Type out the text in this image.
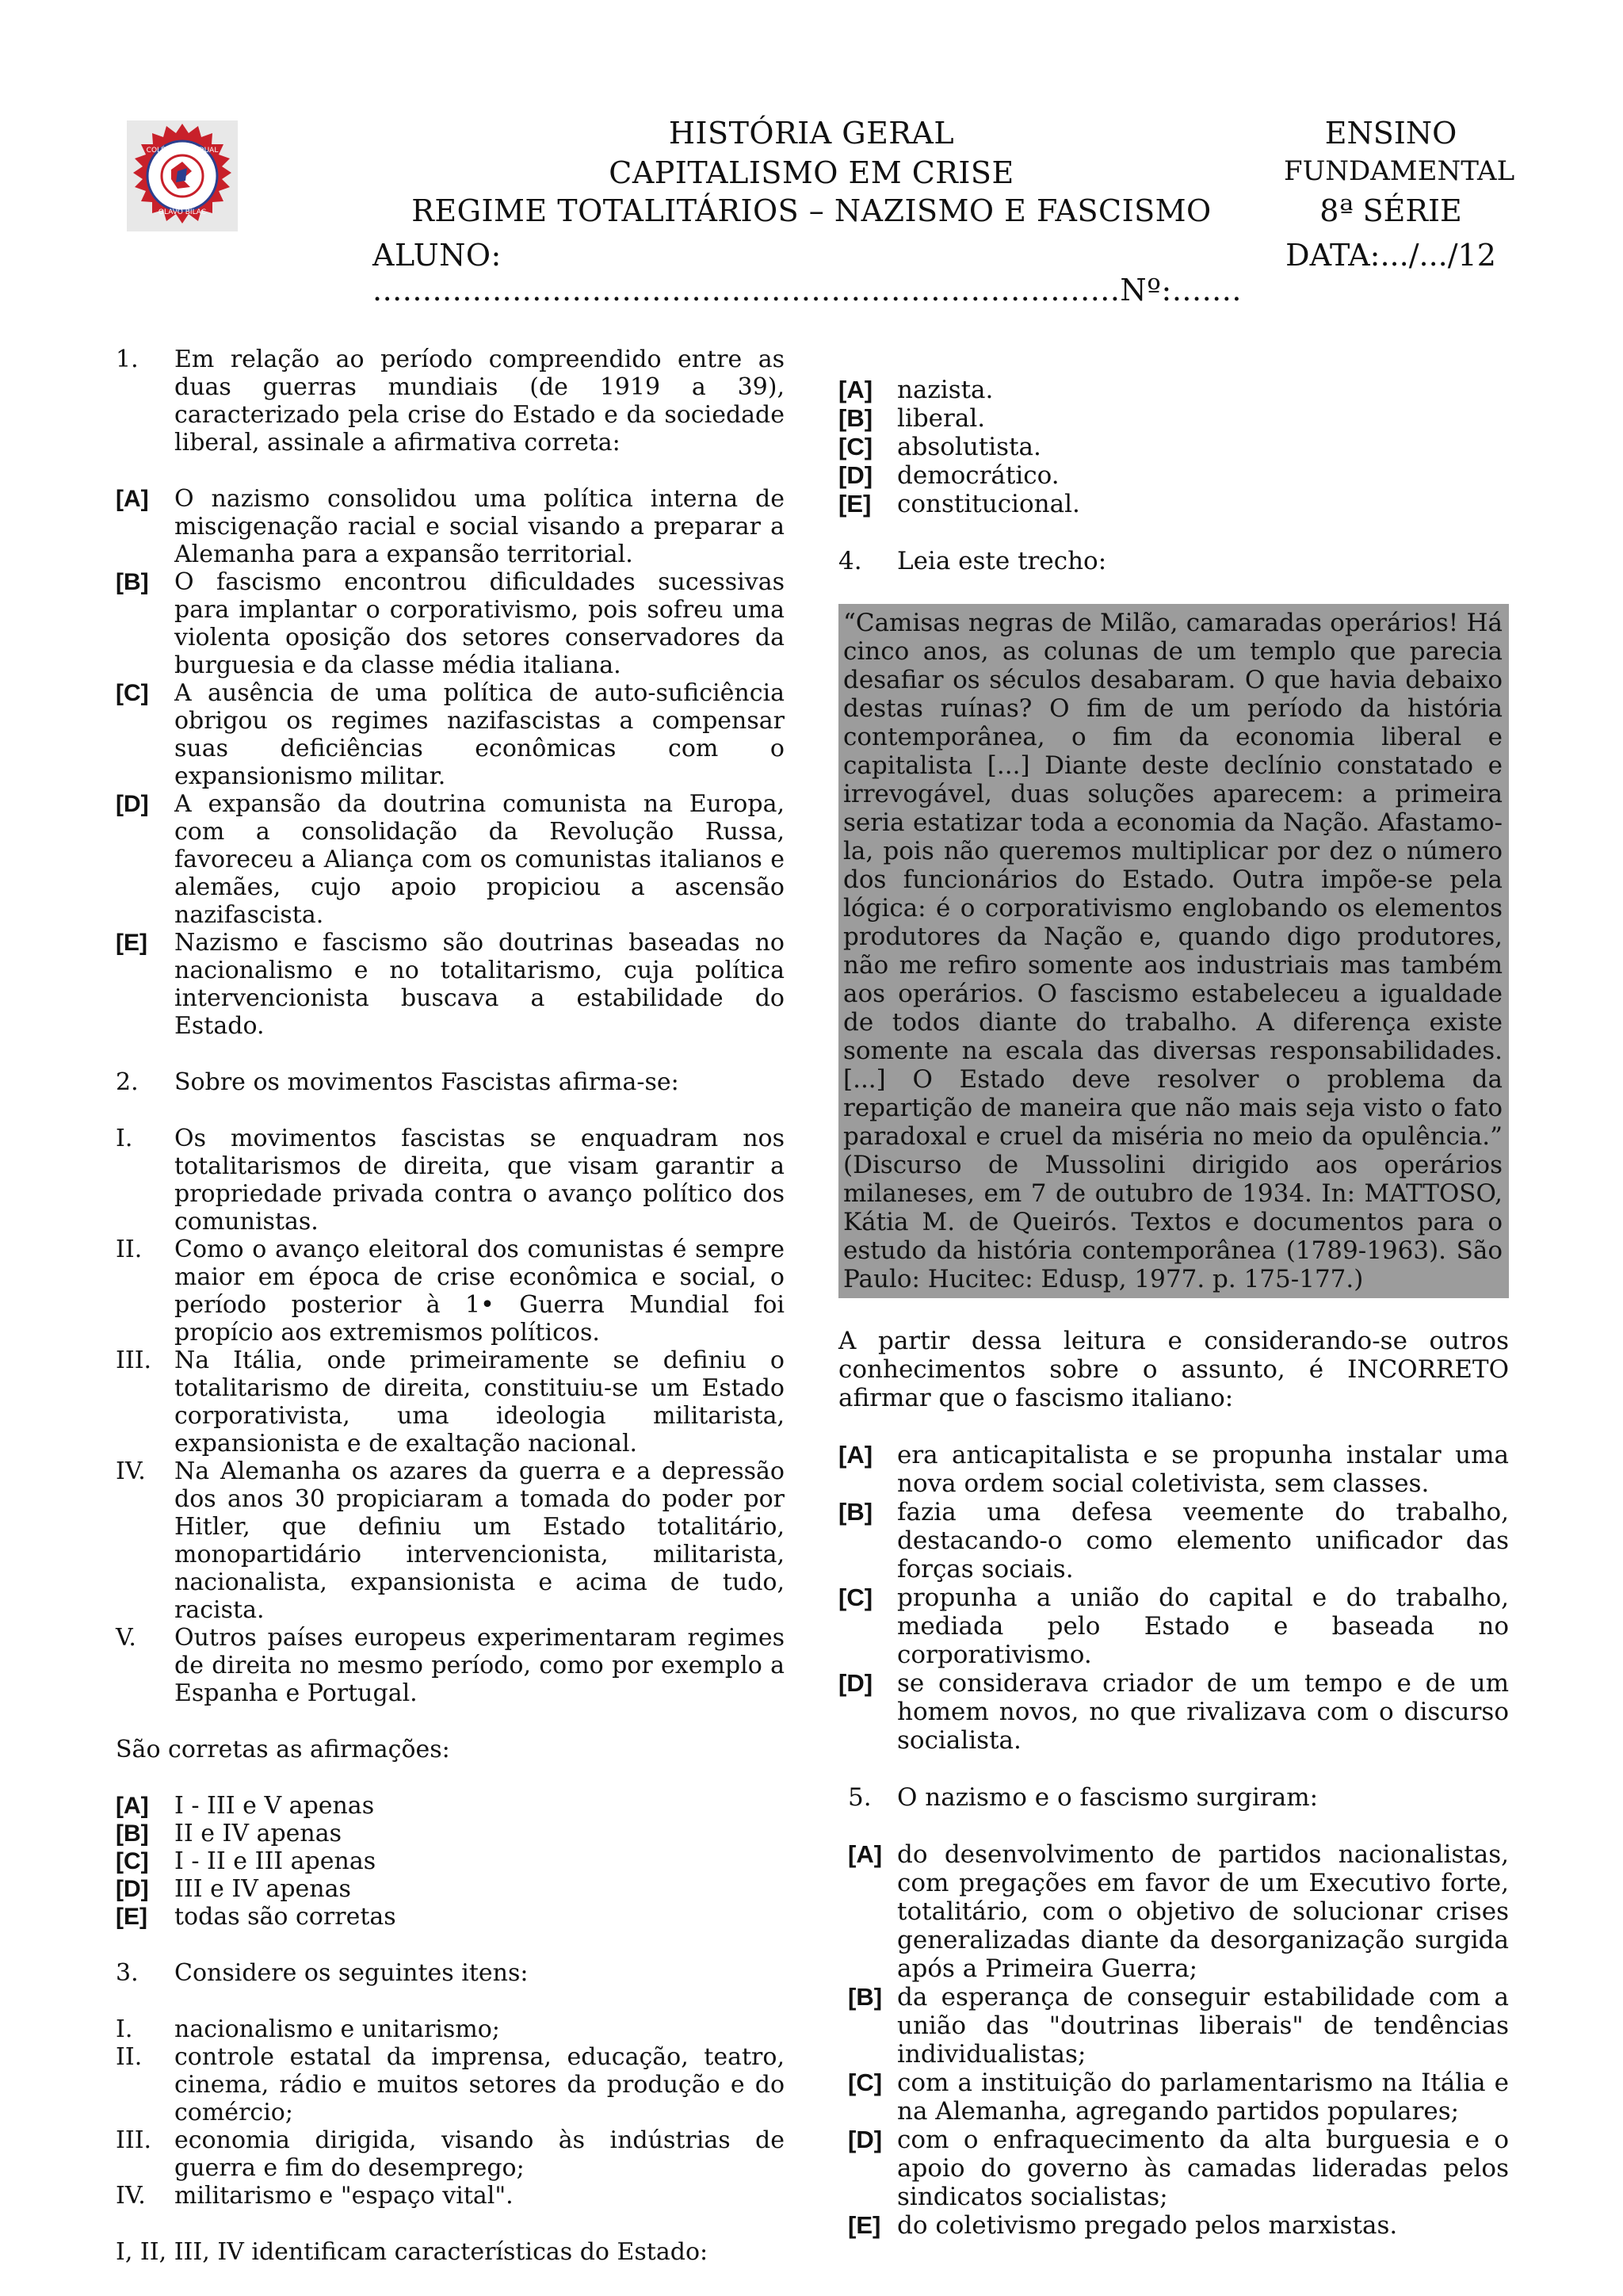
COLÉGIO ESTADUAL
OLAVO BILAC
HISTÓRIA GERAL
CAPITALISMO EM CRISE
REGIME TOTALITÁRIOS – NAZISMO E FASCISMO
ALUNO: ...........................................................................Nº:.......
ENSINO
FUNDAMENTAL
8ª SÉRIE
DATA:.../.../12
1.	Em relação ao período compreendido entre as duas guerras mundiais (de 1919 a 39), caracterizado pela crise do Estado e da sociedade liberal, assinale a afirmativa correta:
[A]	O nazismo consolidou uma política interna de miscigenação racial e social visando a preparar a Alemanha para a expansão territorial.
[B]	O fascismo encontrou dificuldades sucessivas para implantar o corporativismo, pois sofreu uma violenta oposição dos setores conservadores da burguesia e da classe média italiana.
[C]	A ausência de uma política de auto-suficiência obrigou os regimes nazifascistas a compensar suas deficiências econômicas com o expansionismo militar.
[D]	A expansão da doutrina comunista na Europa, com a consolidação da Revolução Russa, favoreceu a Aliança com os comunistas italianos e alemães, cujo apoio propiciou a ascensão nazifascista.
[E]	Nazismo e fascismo são doutrinas baseadas no nacionalismo e no totalitarismo, cuja política intervencionista buscava a estabilidade do Estado.
2.	Sobre os movimentos Fascistas afirma-se:
I.	Os movimentos fascistas se enquadram nos totalitarismos de direita, que visam garantir a propriedade privada contra o avanço político dos comunistas.
II.	Como o avanço eleitoral dos comunistas é sempre maior em época de crise econômica e social, o período posterior à 1• Guerra Mundial foi propício aos extremismos políticos.
III. Na Itália, onde primeiramente se definiu o totalitarismo de direita, constituiu-se um Estado corporativista, uma ideologia militarista, expansionista e de exaltação nacional.
IV.	Na Alemanha os azares da guerra e a depressão dos anos 30 propiciaram a tomada do poder por Hitler, que definiu um Estado totalitário, monopartidário intervencionista, militarista, nacionalista, expansionista e acima de tudo, racista.
V.	Outros países europeus experimentaram regimes de direita no mesmo período, como por exemplo a Espanha e Portugal.
São corretas as afirmações:
[A]	I - III e V apenas
[B]	II e IV apenas
[C]	I - II e III apenas
[D]	III e IV apenas
[E]	todas são corretas
3.	Considere os seguintes itens:
I.	nacionalismo e unitarismo;
II.	controle estatal da imprensa, educação, teatro, cinema, rádio e muitos setores da produção e do comércio;
III. economia dirigida, visando às indústrias de guerra e fim do desemprego;
IV.	militarismo e "espaço vital".
I, II, III, IV identificam características do Estado:
[A] nazista.
[B] liberal.
[C] absolutista.
[D] democrático.
[E]	constitucional.
4.	Leia este trecho:
“Camisas negras de Milão, camaradas operários! Há cinco anos, as colunas de um templo que parecia desafiar os séculos desabaram. O que havia debaixo destas ruínas? O fim de um período da história contemporânea, o fim da economia liberal e capitalista [...] Diante deste declínio constatado e irrevogável, duas soluções aparecem: a primeira seria estatizar toda a economia da Nação. Afastamo-la, pois não queremos multiplicar por dez o número dos funcionários do Estado. Outra impõe-se pela lógica: é o corporativismo englobando os elementos produtores da Nação e, quando digo produtores, não me refiro somente aos industriais mas também aos operários. O fascismo estabeleceu a igualdade de todos diante do trabalho. A diferença existe somente na escala das diversas responsabilidades. [...] O Estado deve resolver o problema da repartição de maneira que não mais seja visto o fato paradoxal e cruel da miséria no meio da opulência.” (Discurso de Mussolini dirigido aos operários milaneses, em 7 de outubro de 1934. In: MATTOSO, Kátia M. de Queirós. Textos e documentos para o estudo da história contemporânea (1789-1963). São Paulo: Hucitec: Edusp, 1977. p. 175-177.)
A partir dessa leitura e considerando-se outros conhecimentos sobre o assunto, é INCORRETO afirmar que o fascismo italiano:
[A] era anticapitalista e se propunha instalar uma nova ordem social coletivista, sem classes.
[B] fazia uma defesa veemente do trabalho, destacando-o como elemento unificador das forças sociais.
[C] propunha a união do capital e do trabalho, mediada pelo Estado e baseada no corporativismo.
[D] se considerava criador de um tempo e de um homem novos, no que rivalizava com o discurso socialista.
5.	O nazismo e o fascismo surgiram:
[A] do desenvolvimento de partidos nacionalistas, com pregações em favor de um Executivo forte, totalitário, com o objetivo de solucionar crises generalizadas diante da desorganização surgida após a Primeira Guerra;
[B] da esperança de conseguir estabilidade com a união das "doutrinas liberais" de tendências individualistas;
[C] com a instituição do parlamentarismo na Itália e na Alemanha, agregando partidos populares;
[D] com o enfraquecimento da alta burguesia e o apoio do governo às camadas lideradas pelos sindicatos socialistas;
[E] do coletivismo pregado pelos marxistas.
